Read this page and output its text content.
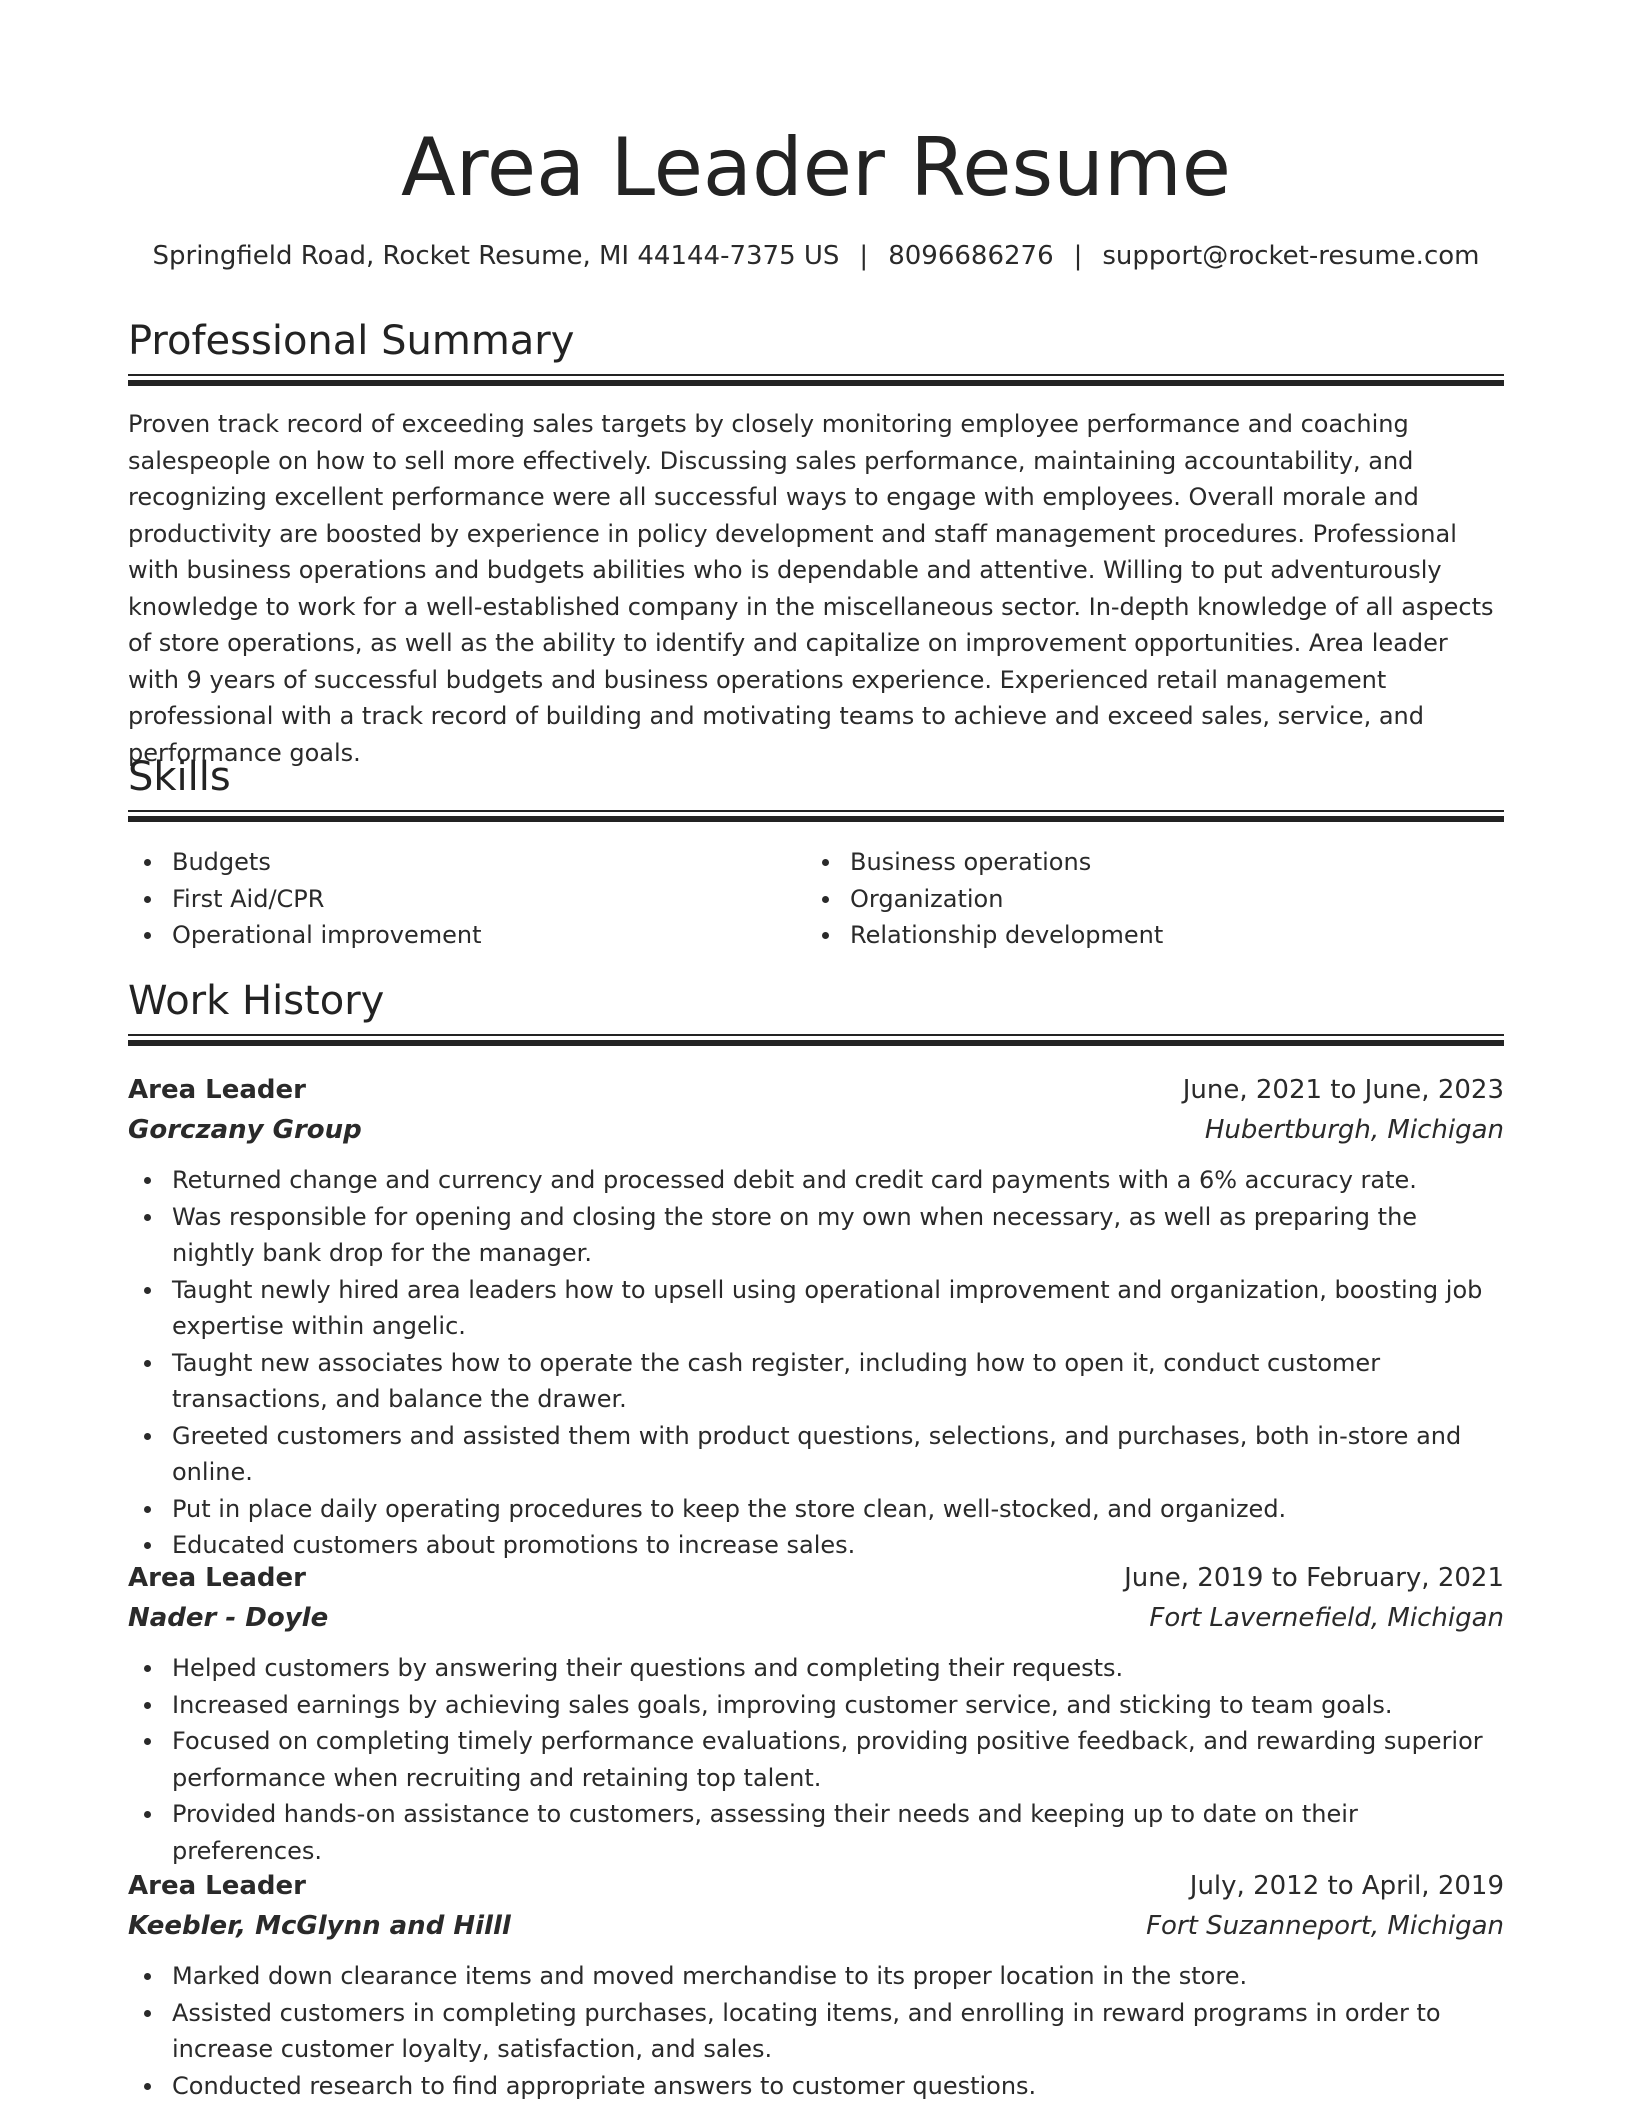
Area Leader Resume
Springfield Road, Rocket Resume, MI 44144-7375 US | 8096686276 | support@rocket-resume.com
Professional Summary

Proven track record of exceeding sales targets by closely monitoring employee performance and coaching salespeople on how to sell more effectively. Discussing sales performance, maintaining accountability, and recognizing excellent performance were all successful ways to engage with employees. Overall morale and productivity are boosted by experience in policy development and staff management procedures. Professional with business operations and budgets abilities who is dependable and attentive. Willing to put adventurously knowledge to work for a well-established company in the miscellaneous sector. In-depth knowledge of all aspects of store operations, as well as the ability to identify and capitalize on improvement opportunities. Area leader with 9 years of successful budgets and business operations experience. Experienced retail management professional with a track record of building and motivating teams to achieve and exceed sales, service, and performance goals.

Skills
Budgets
First Aid/CPR
Operational improvement
Business operations
Organization
Relationship development
Work History
Area Leader	June, 2021 to June, 2023
Gorczany Group	Hubertburgh, Michigan
Returned change and currency and processed debit and credit card payments with a 6% accuracy rate.
Was responsible for opening and closing the store on my own when necessary, as well as preparing the nightly bank drop for the manager.
Taught newly hired area leaders how to upsell using operational improvement and organization, boosting job expertise within angelic.
Taught new associates how to operate the cash register, including how to open it, conduct customer transactions, and balance the drawer.
Greeted customers and assisted them with product questions, selections, and purchases, both in-store and online.
Put in place daily operating procedures to keep the store clean, well-stocked, and organized.
Educated customers about promotions to increase sales.
Area Leader	June, 2019 to February, 2021
Nader - Doyle	Fort Lavernefield, Michigan
Helped customers by answering their questions and completing their requests.
Increased earnings by achieving sales goals, improving customer service, and sticking to team goals.
Focused on completing timely performance evaluations, providing positive feedback, and rewarding superior performance when recruiting and retaining top talent.
Provided hands-on assistance to customers, assessing their needs and keeping up to date on their preferences.
Area Leader	July, 2012 to April, 2019
Keebler, McGlynn and Hilll	Fort Suzanneport, Michigan
Marked down clearance items and moved merchandise to its proper location in the store.
Assisted customers in completing purchases, locating items, and enrolling in reward programs in order to increase customer loyalty, satisfaction, and sales.
Conducted research to find appropriate answers to customer questions.
